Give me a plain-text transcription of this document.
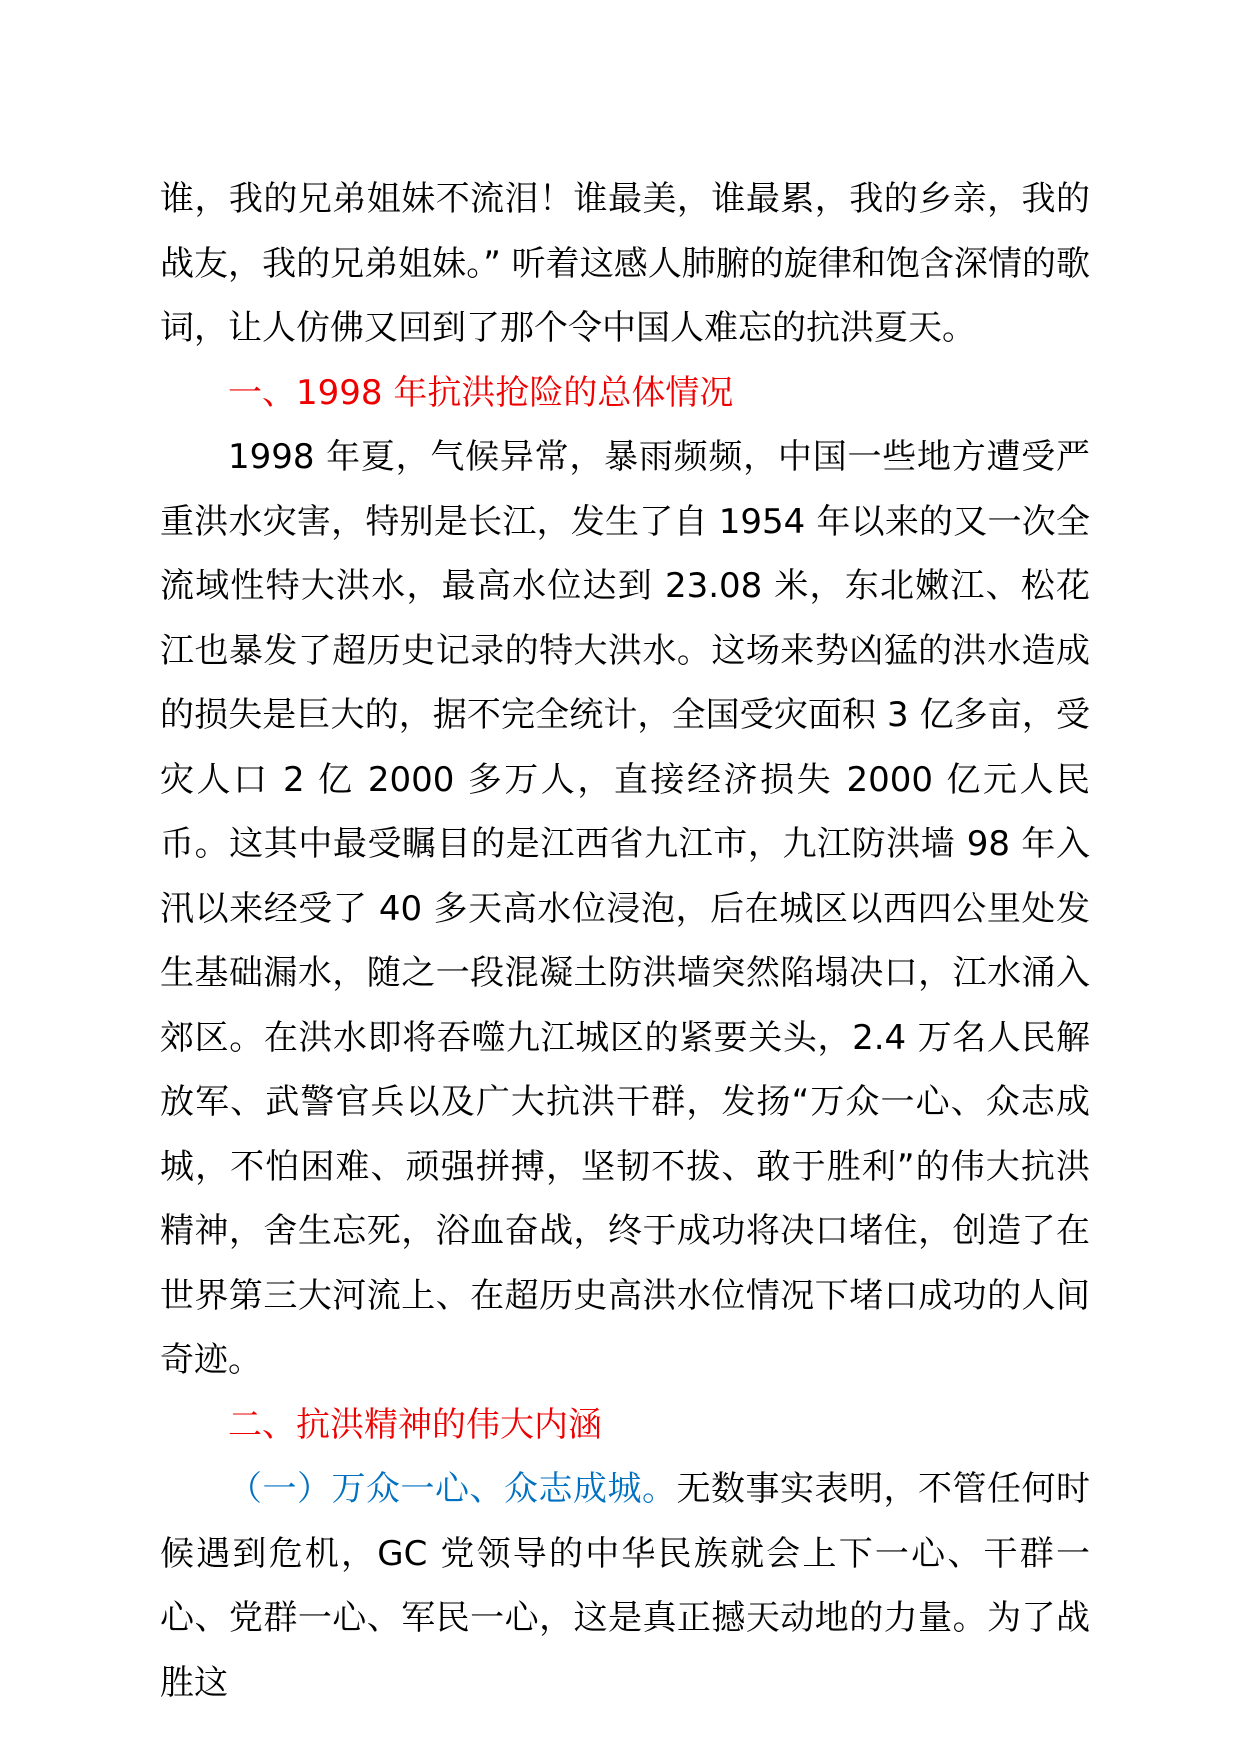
谁，我的兄弟姐妹不流泪！谁最美，谁最累，我的乡亲，我的战友，我的兄弟姐妹。” 听着这感人肺腑的旋律和饱含深情的歌词，让人仿佛又回到了那个令中国人难忘的抗洪夏天。

一、1998 年抗洪抢险的总体情况

1998 年夏，气候异常，暴雨频频，中国一些地方遭受严重洪水灾害，特别是长江，发生了自 1954 年以来的又一次全流域性特大洪水，最高水位达到 23.08 米，东北嫩江、松花江也暴发了超历史记录的特大洪水。这场来势凶猛的洪水造成的损失是巨大的，据不完全统计，全国受灾面积 3 亿多亩，受灾人口 2 亿 2000 多万人，直接经济损失 2000 亿元人民币。这其中最受瞩目的是江西省九江市，九江防洪墙 98 年入汛以来经受了 40 多天高水位浸泡，后在城区以西四公里处发生基础漏水，随之一段混凝土防洪墙突然陷塌决口，江水涌入郊区。在洪水即将吞噬九江城区的紧要关头，2.4 万名人民解放军、武警官兵以及广大抗洪干群，发扬“万众一心、众志成城，不怕困难、顽强拼搏，坚韧不拔、敢于胜利”的伟大抗洪精神，舍生忘死，浴血奋战，终于成功将决口堵住，创造了在世界第三大河流上、在超历史高洪水位情况下堵口成功的人间奇迹。

二、抗洪精神的伟大内涵

（一）万众一心、众志成城。无数事实表明，不管任何时候遇到危机，GC 党领导的中华民族就会上下一心、干群一心、党群一心、军民一心，这是真正撼天动地的力量。为了战胜这
